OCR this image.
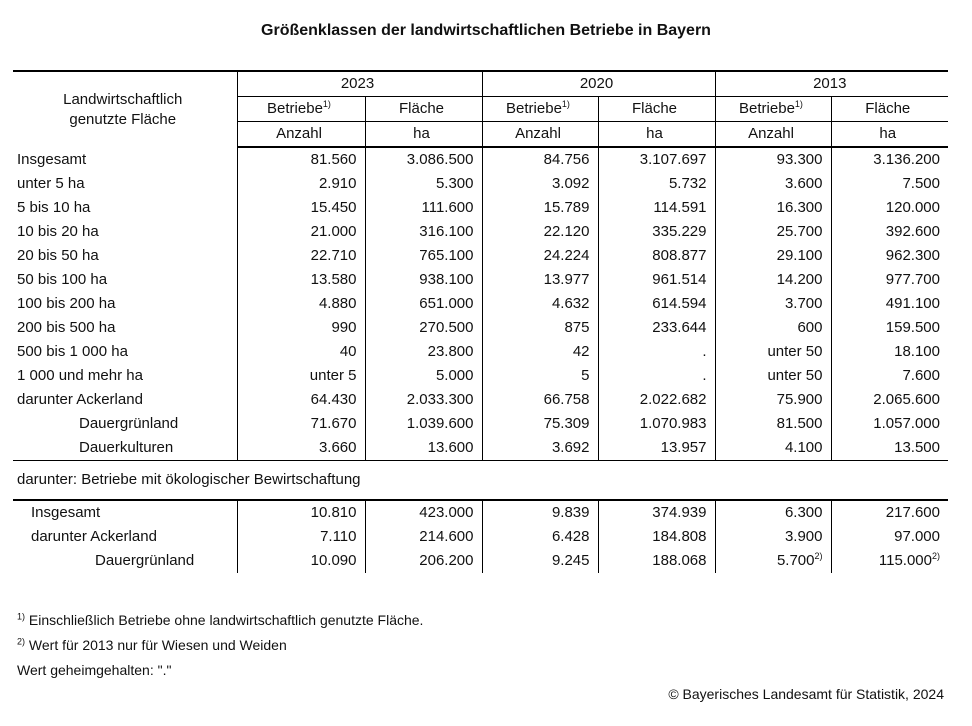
Größenklassen der landwirtschaftlichen Betriebe in Bayern
Landwirtschaftlich
genutzte Fläche	2023		2020		2013	
	Betriebe$^{1)}$	Fläche	Betriebe$^{1)}$	Fläche	Betriebe$^{1)}$	Fläche
	Anzahl	ha	Anzahl	ha	Anzahl	ha
Insgesamt	81.560	3.086.500	84.756	3.107.697	93.300	3.136.200
unter 5 ha	2.910	5.300	3.092	5.732	3.600	7.500
5 bis 10 ha	15.450	111.600	15.789	114.591	16.300	120.000
10 bis 20 ha	21.000	316.100	22.120	335.229	25.700	392.600
20 bis 50 ha	22.710	765.100	24.224	808.877	29.100	962.300
50 bis 100 ha	13.580	938.100	13.977	961.514	14.200	977.700
100 bis 200 ha	4.880	651.000	4.632	614.594	3.700	491.100
200 bis 500 ha	990	270.500	875	233.644	600	159.500
500 bis 1 000 ha	40	23.800	42	.	unter 50	18.100
1 000 und mehr ha	unter 5	5.000	5	.	unter 50	7.600
darunter Ackerland	64.430	2.033.300	66.758	2.022.682	75.900	2.065.600
Dauergrünland	71.670	1.039.600	75.309	1.070.983	81.500	1.057.000
Dauerkulturen	3.660	13.600	3.692	13.957	4.100	13.500
darunter: Betriebe mit ökologischer Bewirtschaftung						
Insgesamt	10.810	423.000	9.839	374.939	6.300	217.600
darunter Ackerland	7.110	214.600	6.428	184.808	3.900	97.000
Dauergrünland	10.090	206.200	9.245	188.068	5.700$^{2)}$	115.000$^{2)}$
$^{1)}$ Einschließlich Betriebe ohne landwirtschaftlich genutzte Fläche.
$^{2)}$ Wert für 2013 nur für Wiesen und Weiden
Wert geheimgehalten: "."
© Bayerisches Landesamt für Statistik, 2024
